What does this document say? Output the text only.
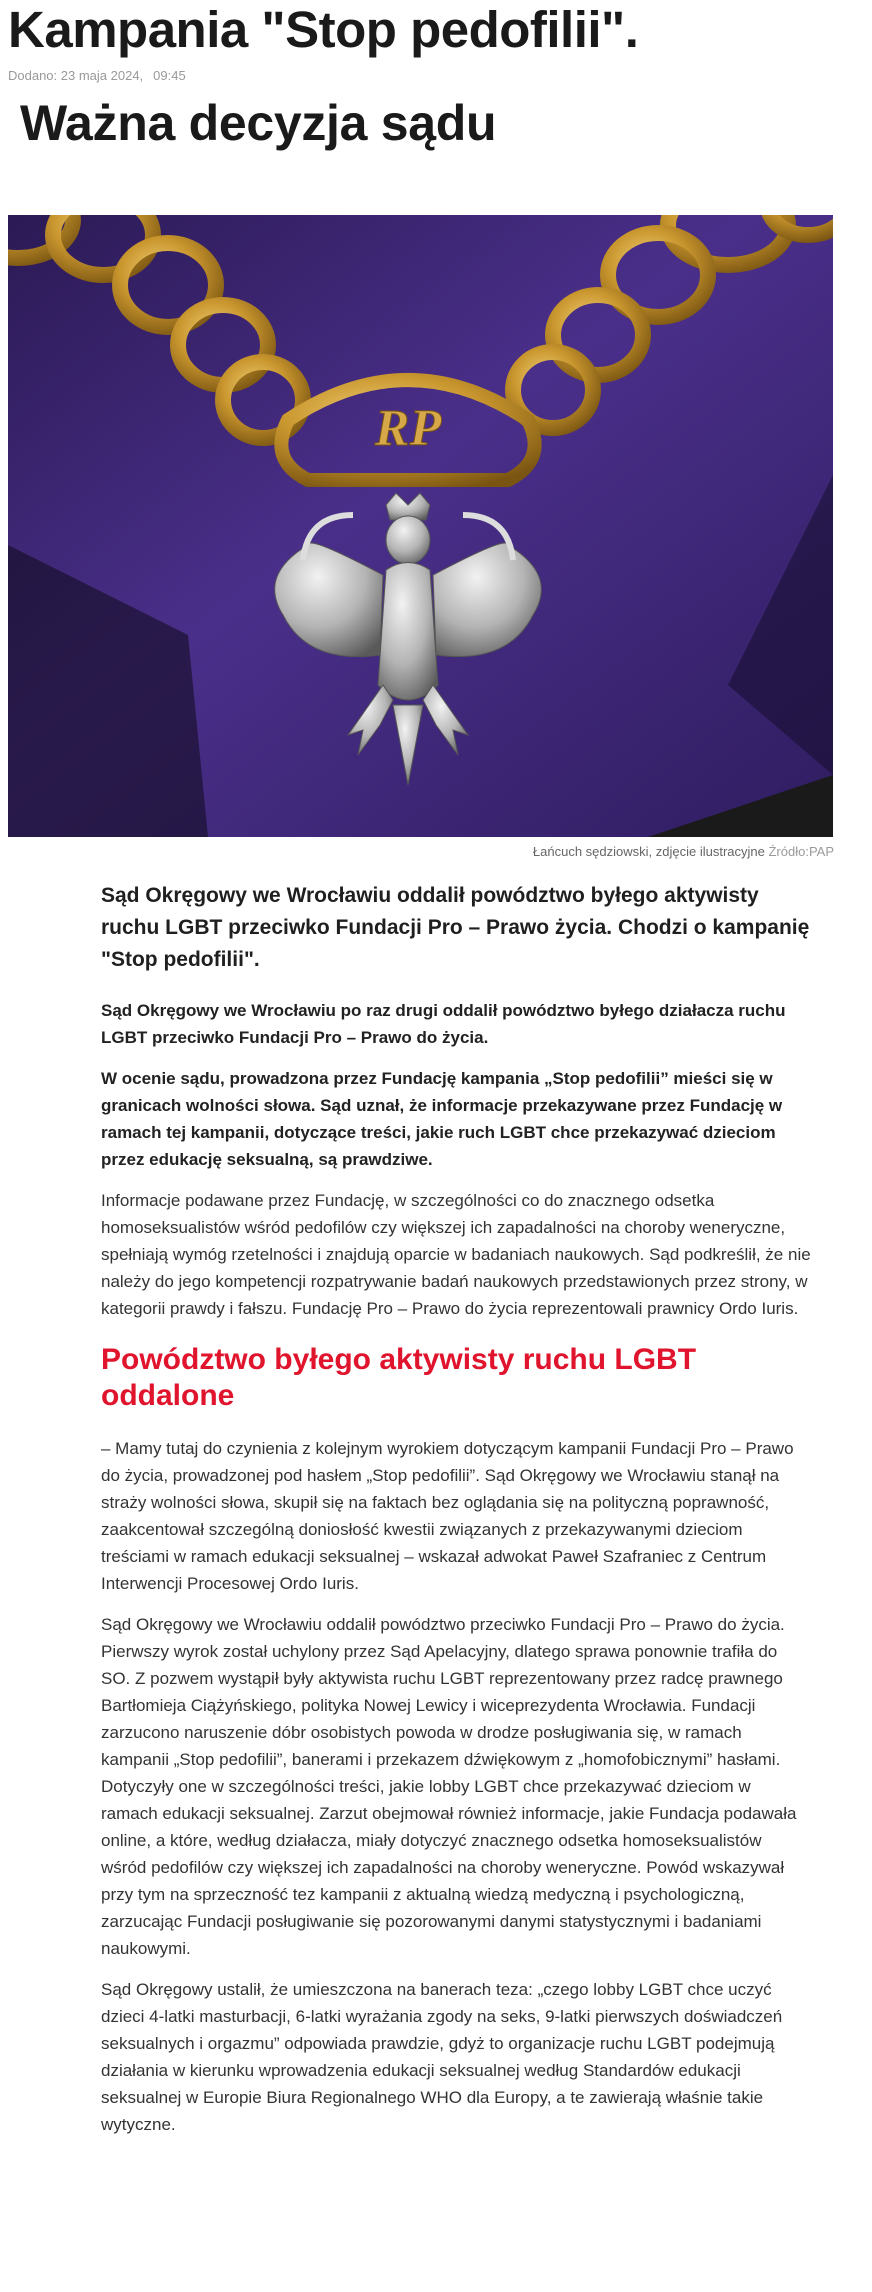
Kampania "Stop pedofilii".
Dodano: 23 maja 2024, 09:45
Ważna decyzja sądu
RP
Łańcuch sędziowski, zdjęcie ilustracyjne Źródło:PAP

Sąd Okręgowy we Wrocławiu oddalił powództwo byłego aktywisty ruchu LGBT przeciwko Fundacji Pro – Prawo życia. Chodzi o kampanię "Stop pedofilii".

Sąd Okręgowy we Wrocławiu po raz drugi oddalił powództwo byłego działacza ruchu LGBT przeciwko Fundacji Pro – Prawo do życia.

W ocenie sądu, prowadzona przez Fundację kampania „Stop pedofilii” mieści się w granicach wolności słowa. Sąd uznał, że informacje przekazywane przez Fundację w ramach tej kampanii, dotyczące treści, jakie ruch LGBT chce przekazywać dzieciom przez edukację seksualną, są prawdziwe.

Informacje podawane przez Fundację, w szczególności co do znacznego odsetka homoseksualistów wśród pedofilów czy większej ich zapadalności na choroby weneryczne, spełniają wymóg rzetelności i znajdują oparcie w badaniach naukowych. Sąd podkreślił, że nie należy do jego kompetencji rozpatrywanie badań naukowych przedstawionych przez strony, w kategorii prawdy i fałszu. Fundację Pro – Prawo do życia reprezentowali prawnicy Ordo Iuris.

Powództwo byłego aktywisty ruchu LGBT oddalone

– Mamy tutaj do czynienia z kolejnym wyrokiem dotyczącym kampanii Fundacji Pro – Prawo do życia, prowadzonej pod hasłem „Stop pedofilii”. Sąd Okręgowy we Wrocławiu stanął na straży wolności słowa, skupił się na faktach bez oglądania się na polityczną poprawność, zaakcentował szczególną doniosłość kwestii związanych z przekazywanymi dzieciom treściami w ramach edukacji seksualnej – wskazał adwokat Paweł Szafraniec z Centrum Interwencji Procesowej Ordo Iuris.

Sąd Okręgowy we Wrocławiu oddalił powództwo przeciwko Fundacji Pro – Prawo do życia. Pierwszy wyrok został uchylony przez Sąd Apelacyjny, dlatego sprawa ponownie trafiła do SO. Z pozwem wystąpił były aktywista ruchu LGBT reprezentowany przez radcę prawnego Bartłomieja Ciążyńskiego, polityka Nowej Lewicy i wiceprezydenta Wrocławia. Fundacji zarzucono naruszenie dóbr osobistych powoda w drodze posługiwania się, w ramach kampanii „Stop pedofilii”, banerami i przekazem dźwiękowym z „homofobicznymi” hasłami. Dotyczyły one w szczególności treści, jakie lobby LGBT chce przekazywać dzieciom w ramach edukacji seksualnej. Zarzut obejmował również informacje, jakie Fundacja podawała online, a które, według działacza, miały dotyczyć znacznego odsetka homoseksualistów wśród pedofilów czy większej ich zapadalności na choroby weneryczne. Powód wskazywał przy tym na sprzeczność tez kampanii z aktualną wiedzą medyczną i psychologiczną, zarzucając Fundacji posługiwanie się pozorowanymi danymi statystycznymi i badaniami naukowymi.

Sąd Okręgowy ustalił, że umieszczona na banerach teza: „czego lobby LGBT chce uczyć dzieci 4-latki masturbacji, 6-latki wyrażania zgody na seks, 9-latki pierwszych doświadczeń seksualnych i orgazmu” odpowiada prawdzie, gdyż to organizacje ruchu LGBT podejmują działania w kierunku wprowadzenia edukacji seksualnej według Standardów edukacji seksualnej w Europie Biura Regionalnego WHO dla Europy, a te zawierają właśnie takie wytyczne.
